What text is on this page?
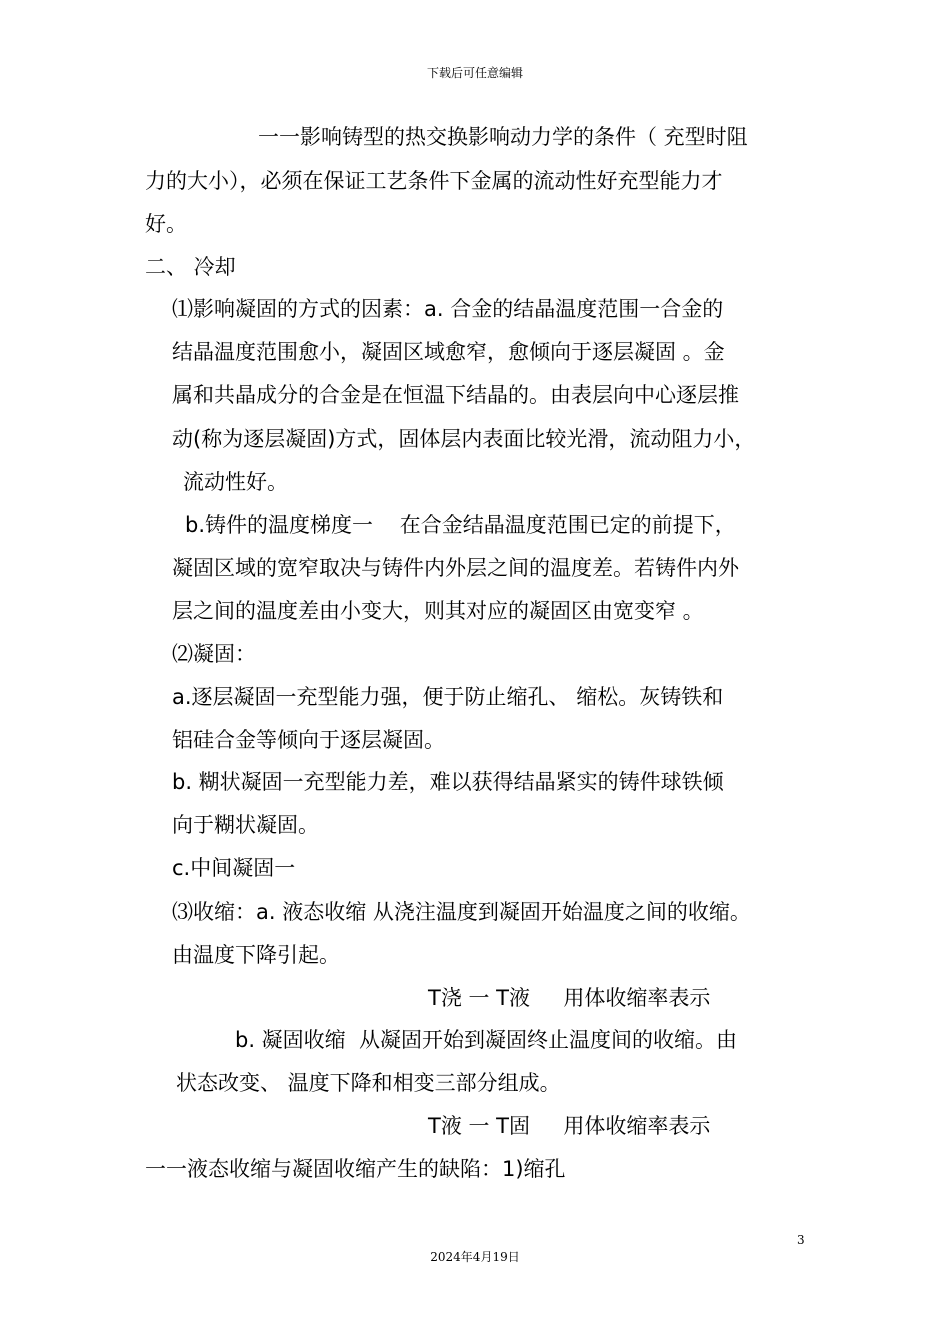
下载后可任意编辑
一一影响铸型的热交换影响动力学的条件（ 充型时阻
力的大小），必须在保证工艺条件下金属的流动性好充型能力才
好。
二、 冷却
⑴影响凝固的方式的因素：a. 合金的结晶温度范围一合金的
结晶温度范围愈小，凝固区域愈窄，愈倾向于逐层凝固 。金
属和共晶成分的合金是在恒温下结晶的。由表层向中心逐层推
动(称为逐层凝固)方式，固体层内表面比较光滑，流动阻力小，
流动性好。
b.铸件的温度梯度一    在合金结晶温度范围已定的前提下，
凝固区域的宽窄取决与铸件内外层之间的温度差。若铸件内外
层之间的温度差由小变大，则其对应的凝固区由宽变窄 。
⑵凝固：
a.逐层凝固一充型能力强，便于防止缩孔、 缩松。灰铸铁和
铝硅合金等倾向于逐层凝固。
b. 糊状凝固一充型能力差，难以获得结晶紧实的铸件球铁倾
向于糊状凝固。
c.中间凝固一
⑶收缩：a. 液态收缩 从浇注温度到凝固开始温度之间的收缩。
由温度下降引起。
T浇 一 T液     用体收缩率表示
b. 凝固收缩  从凝固开始到凝固终止温度间的收缩。由
状态改变、 温度下降和相变三部分组成。
T液 一 T固     用体收缩率表示
一一液态收缩与凝固收缩产生的缺陷：1)缩孔
3
2024年4月19日
